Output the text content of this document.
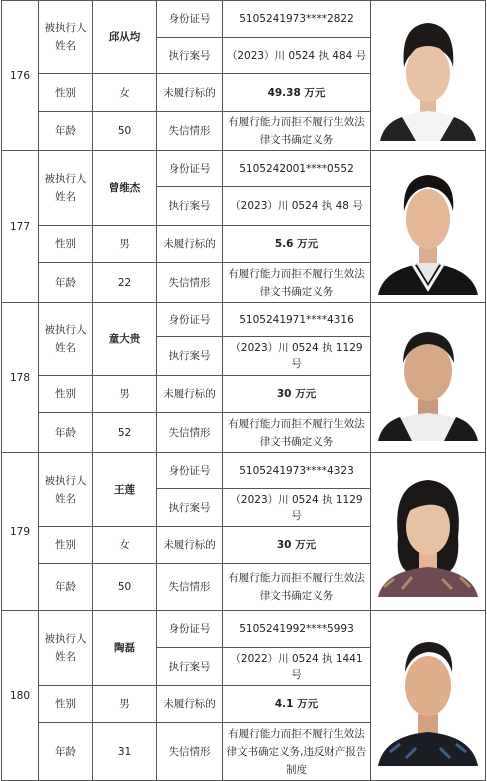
176	被执行人姓名	邱从均	身份证号	5105241973****2822	

			执行案号	（2023）川 0524 执 484 号	
	性别	女	未履行标的	49.38 万元	
	年龄	50	失信情形	有履行能力而拒不履行生效法律文书确定义务	
177	被执行人姓名	曾维杰	身份证号	5105242001****0552	

			执行案号	（2023）川 0524 执 48 号	
	性别	男	未履行标的	5.6 万元	
	年龄	22	失信情形	有履行能力而拒不履行生效法律文书确定义务	
178	被执行人姓名	童大贵	身份证号	5105241971****4316	

			执行案号	（2023）川 0524 执 1129 号	
	性别	男	未履行标的	30 万元	
	年龄	52	失信情形	有履行能力而拒不履行生效法律文书确定义务	
179	被执行人姓名	王莲	身份证号	5105241973****4323	

			执行案号	（2023）川 0524 执 1129 号	
	性别	女	未履行标的	30 万元	
	年龄	50	失信情形	有履行能力而拒不履行生效法律文书确定义务	
180	被执行人姓名	陶磊	身份证号	5105241992****5993	

			执行案号	（2022）川 0524 执 1441 号	
	性别	男	未履行标的	4.1 万元	
	年龄	31	失信情形	有履行能力而拒不履行生效法律文书确定义务,违反财产报告制度	
